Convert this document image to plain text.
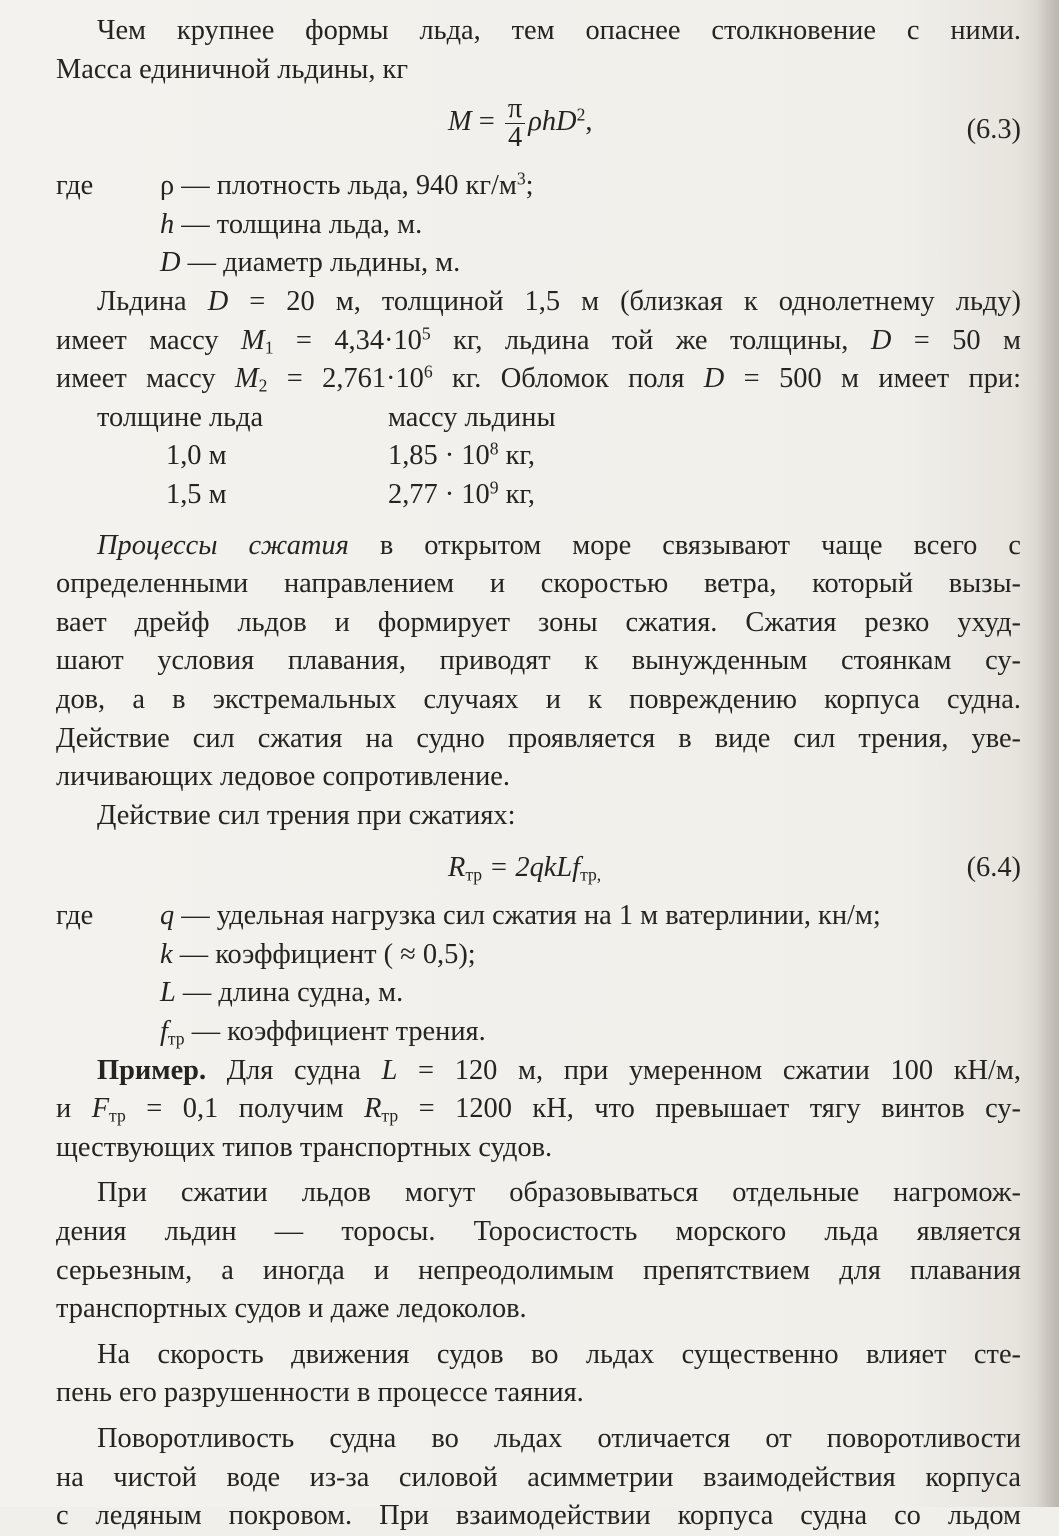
Чем крупнее формы льда, тем опаснее столкновение с ними.

Масса единичной льдины, кг

$M = \frac{\pi}{4} \rho hD^2$,	(6.3)
где ρ — плотность льда, 940 $кг/м^3$;
h — толщина льда, м.
D — диаметр льдины, м.

Льдина D = 20 м, толщиной 1,5 м (близкая к однолетнему льду)

имеет массу $M_1 = 4,34\cdot 10^5$ кг, льдина той же толщины, D = 50 м

имеет массу $M_2 = 2,761\cdot 10^6$ кг. Обломок поля D = 500 м имеет при:

толщине льда	массу льдины
1,0 м	$1,85 \cdot 10^8$ кг,
1,5 м	$2,77 \cdot 10^9$ кг,

Процессы сжатия в открытом море связывают чаще всего с

определенными направлением и скоростью ветра, который вызы-

вает дрейф льдов и формирует зоны сжатия. Сжатия резко ухуд-

шают условия плавания, приводят к вынужденным стоянкам су-

дов, а в экстремальных случаях и к повреждению корпуса судна.

Действие сил сжатия на судно проявляется в виде сил трения, уве-

личивающих ледовое сопротивление.

Действие сил трения при сжатиях:

$R_{тр}$ = 2qkLf$_{тр,}$	(6.4)
где q — удельная нагрузка сил сжатия на 1 м ватерлинии, кн/м;
k — коэффициент ( ≈ 0,5);
L — длина судна, м.
$f_{тр}$ — коэффициент трения.

Пример. Для судна L = 120 м, при умеренном сжатии 100 кН/м,

и $F_{тр} = 0,1$ получим $R_{тр} = 1200$ кН, что превышает тягу винтов су-

ществующих типов транспортных судов.

При сжатии льдов могут образовываться отдельные нагромож-

дения льдин — торосы. Торосистость морского льда является

серьезным, а иногда и непреодолимым препятствием для плавания

транспортных судов и даже ледоколов.

На скорость движения судов во льдах существенно влияет сте-

пень его разрушенности в процессе таяния.

Поворотливость судна во льдах отличается от поворотливости

на чистой воде из-за силовой асимметрии взаимодействия корпуса

с ледяным покровом. При взаимодействии корпуса судна со льдом
